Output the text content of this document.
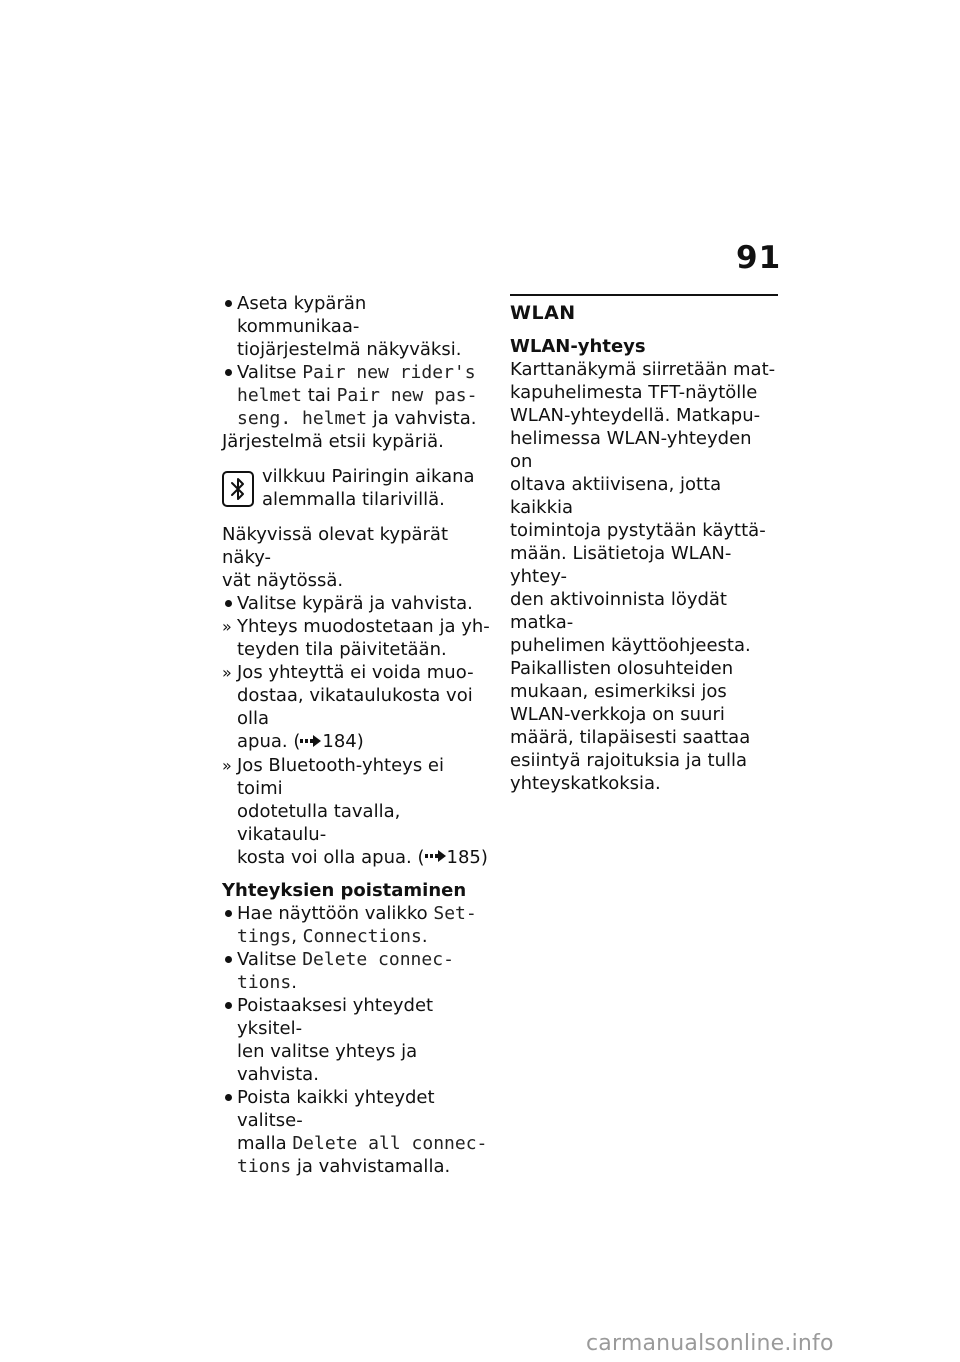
91
Aseta kypärän kommunikaa-
tiojärjestelmä näkyväksi.
Valitse Pair new rider's
helmet tai Pair new pas-
seng. helmet ja vahvista.
Järjestelmä etsii kypäriä.
vilkkuu Pairingin aikana
alemmalla tilarivillä.
Näkyvissä olevat kypärät näky-
vät näytössä.
Valitse kypärä ja vahvista.
» Yhteys muodostetaan ja yh-
teyden tila päivitetään.
» Jos yhteyttä ei voida muo-
dostaa, vikataulukosta voi olla
apua. ( 184)
» Jos Bluetooth-yhteys ei toimi
odotetulla tavalla, vikataulu-
kosta voi olla apua. ( 185)
Yhteyksien poistaminen
Hae näyttöön valikko Set-
tings, Connections.
Valitse Delete connec-
tions.
Poistaaksesi yhteydet yksitel-
len valitse yhteys ja vahvista.
Poista kaikki yhteydet valitse-
malla Delete all connec-
tions ja vahvistamalla.
WLAN
WLAN-yhteys
Karttanäkymä siirretään mat-
kapuhelimesta TFT-näytölle
WLAN-yhteydellä. Matkapu-
helimessa WLAN-yhteyden on
oltava aktiivisena, jotta kaikkia
toimintoja pystytään käyttä-
mään. Lisätietoja WLAN-yhtey-
den aktivoinnista löydät matka-
puhelimen käyttöohjeesta.
Paikallisten olosuhteiden
mukaan, esimerkiksi jos
WLAN-verkkoja on suuri
määrä, tilapäisesti saattaa
esiintyä rajoituksia ja tulla
yhteyskatkoksia.
carmanualsonline.info
